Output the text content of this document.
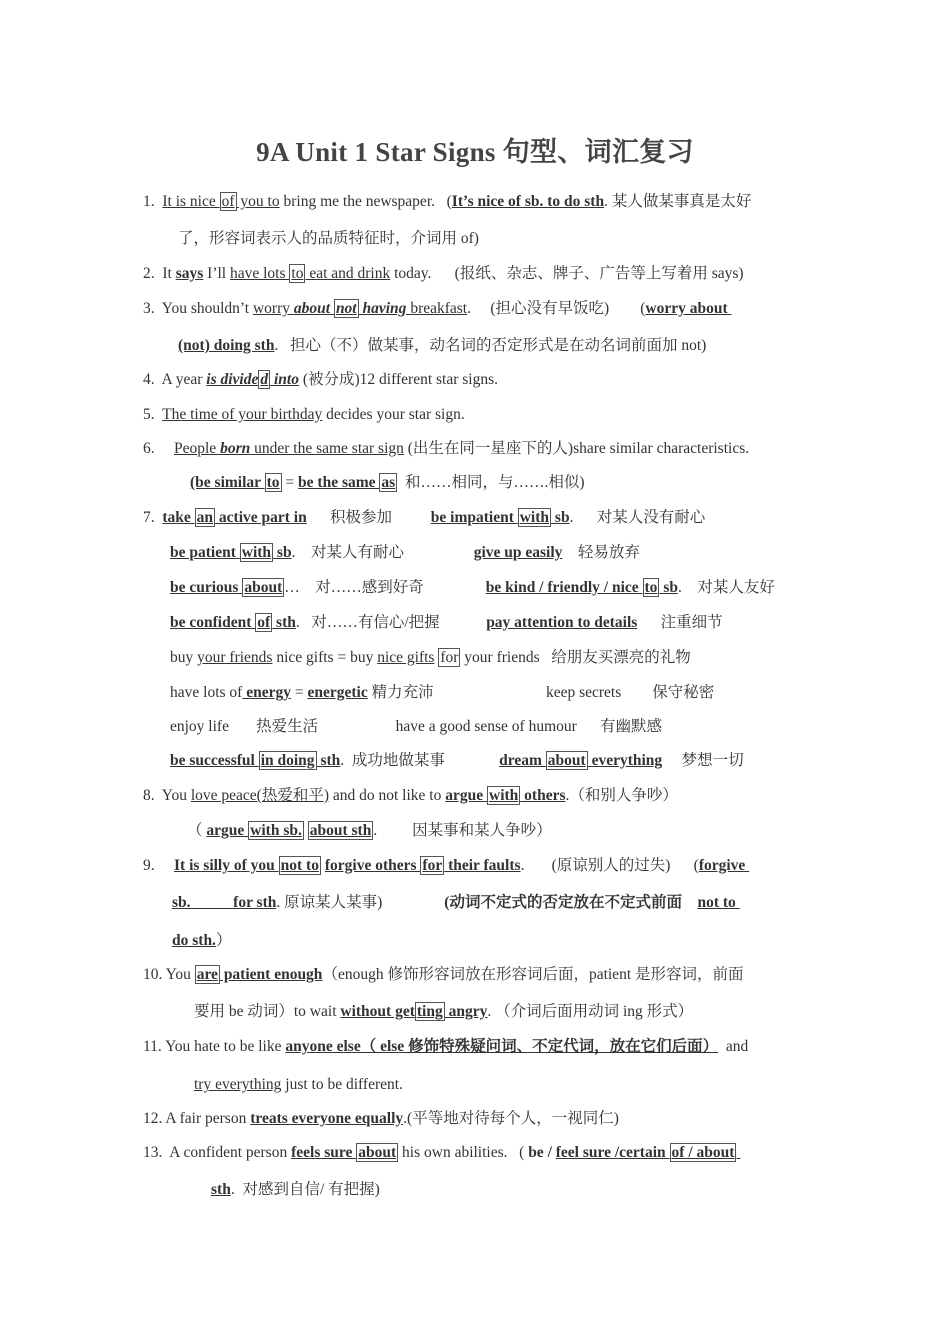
9A Unit 1 Star Signs 句型、词汇复习
1.  It is nice of you to bring me the newspaper.   (It’s nice of sb. to do sth. 某人做某事真是太好
了，形容词表示人的品质特征时，介词用 of)
2.  It says I’ll have lots to eat and drink today.      (报纸、杂志、牌子、广告等上写着用 says)
3.  You shouldn’t worry about not having breakfast.     (担心没有早饭吃)        (worry about
(not) doing sth.   担心（不）做某事，动名词的否定形式是在动名词前面加 not)
4.  A year is divide d into (被分成)12 different star signs.
5.  The time of your birthday decides your star sign.
6.     People born under the same star sign (出生在同一星座下的人)share similar characteristics.
(be similar to = be the same as  和……相同，与…….相似)
7.  take an active part in      积极参加          be impatient with sb.      对某人没有耐心
be patient with sb.    对某人有耐心                  give up easily    轻易放弃
be curious about …    对……感到好奇                be kind / friendly / nice to sb.    对某人友好
be confident of sth.   对……有信心/把握            pay attention to details      注重细节
buy your friends nice gifts = buy nice gifts for your friends   给朋友买漂亮的礼物
have lots of energy = energetic 精力充沛                             keep secrets        保守秘密
enjoy life       热爱生活                    have a good sense of humour      有幽默感
be successful in doing sth.  成功地做某事              dream about everything     梦想一切
8.  You love peace(热爱和平) and do not like to argue with others.（和别人争吵）
（ argue with sb. about sth .         因某事和某人争吵）
9.     It is silly of you not to forgive others for their faults.       (原谅别人的过失)      (forgive
sb.           for sth. 原谅某人某事)                (动词不定式的否定放在不定式前面    not to
do sth.）
10. You are patient enough（enough 修饰形容词放在形容词后面，patient 是形容词，前面
要用 be 动词）to wait without get ting angry. （介词后面用动词 ing 形式）
11. You hate to be like anyone else（ else 修饰特殊疑问词、不定代词，放在它们后面）  and
try everything just to be different.
12. A fair person treats everyone equally.(平等地对待每个人，一视同仁)
13.  A confident person feels sure about his own abilities.   ( be / feel sure /certain of / about
sth.  对感到自信/ 有把握)
